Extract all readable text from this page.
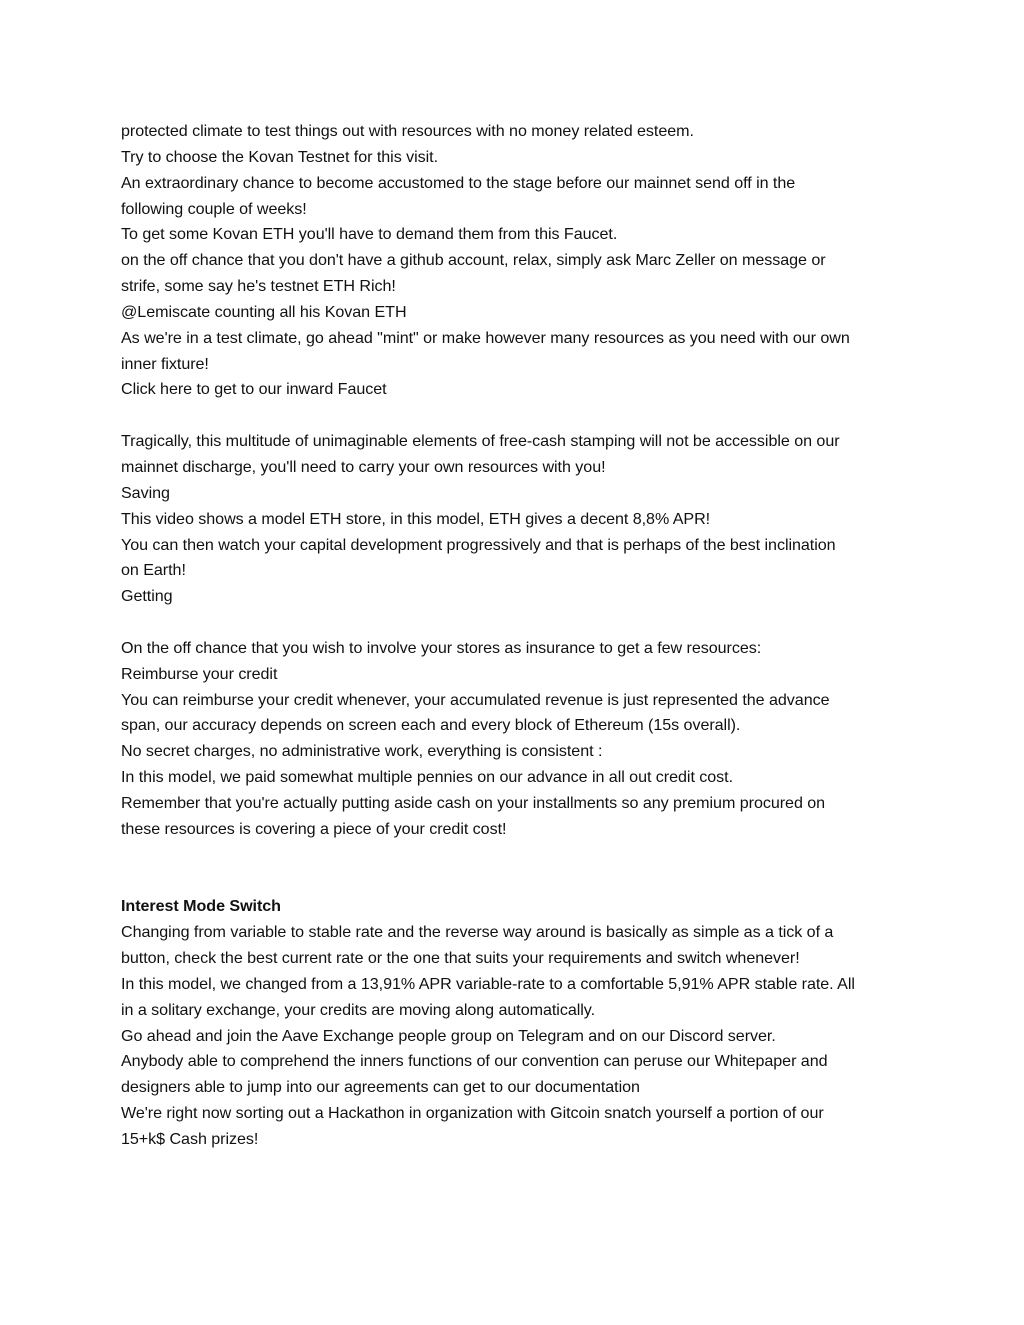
protected climate to test things out with resources with no money related esteem.
Try to choose the Kovan Testnet for this visit.
An extraordinary chance to become accustomed to the stage before our mainnet send off in the
following couple of weeks!
To get some Kovan ETH you'll have to demand them from this Faucet.
on the off chance that you don't have a github account, relax, simply ask Marc Zeller on message or
strife, some say he's testnet ETH Rich!
@Lemiscate counting all his Kovan ETH
As we're in a test climate, go ahead "mint" or make however many resources as you need with our own
inner fixture!
Click here to get to our inward Faucet
Tragically, this multitude of unimaginable elements of free-cash stamping will not be accessible on our
mainnet discharge, you'll need to carry your own resources with you!
Saving
This video shows a model ETH store, in this model, ETH gives a decent 8,8% APR!
You can then watch your capital development progressively and that is perhaps of the best inclination
on Earth!
Getting
On the off chance that you wish to involve your stores as insurance to get a few resources:
Reimburse your credit
You can reimburse your credit whenever, your accumulated revenue is just represented the advance
span, our accuracy depends on screen each and every block of Ethereum (15s overall).
No secret charges, no administrative work, everything is consistent :
In this model, we paid somewhat multiple pennies on our advance in all out credit cost.
Remember that you're actually putting aside cash on your installments so any premium procured on
these resources is covering a piece of your credit cost!
Interest Mode Switch
Changing from variable to stable rate and the reverse way around is basically as simple as a tick of a
button, check the best current rate or the one that suits your requirements and switch whenever!
In this model, we changed from a 13,91% APR variable-rate to a comfortable 5,91% APR stable rate. All
in a solitary exchange, your credits are moving along automatically.
Go ahead and join the Aave Exchange people group on Telegram and on our Discord server.
Anybody able to comprehend the inners functions of our convention can peruse our Whitepaper and
designers able to jump into our agreements can get to our documentation
We're right now sorting out a Hackathon in organization with Gitcoin snatch yourself a portion of our
15+k$ Cash prizes!
